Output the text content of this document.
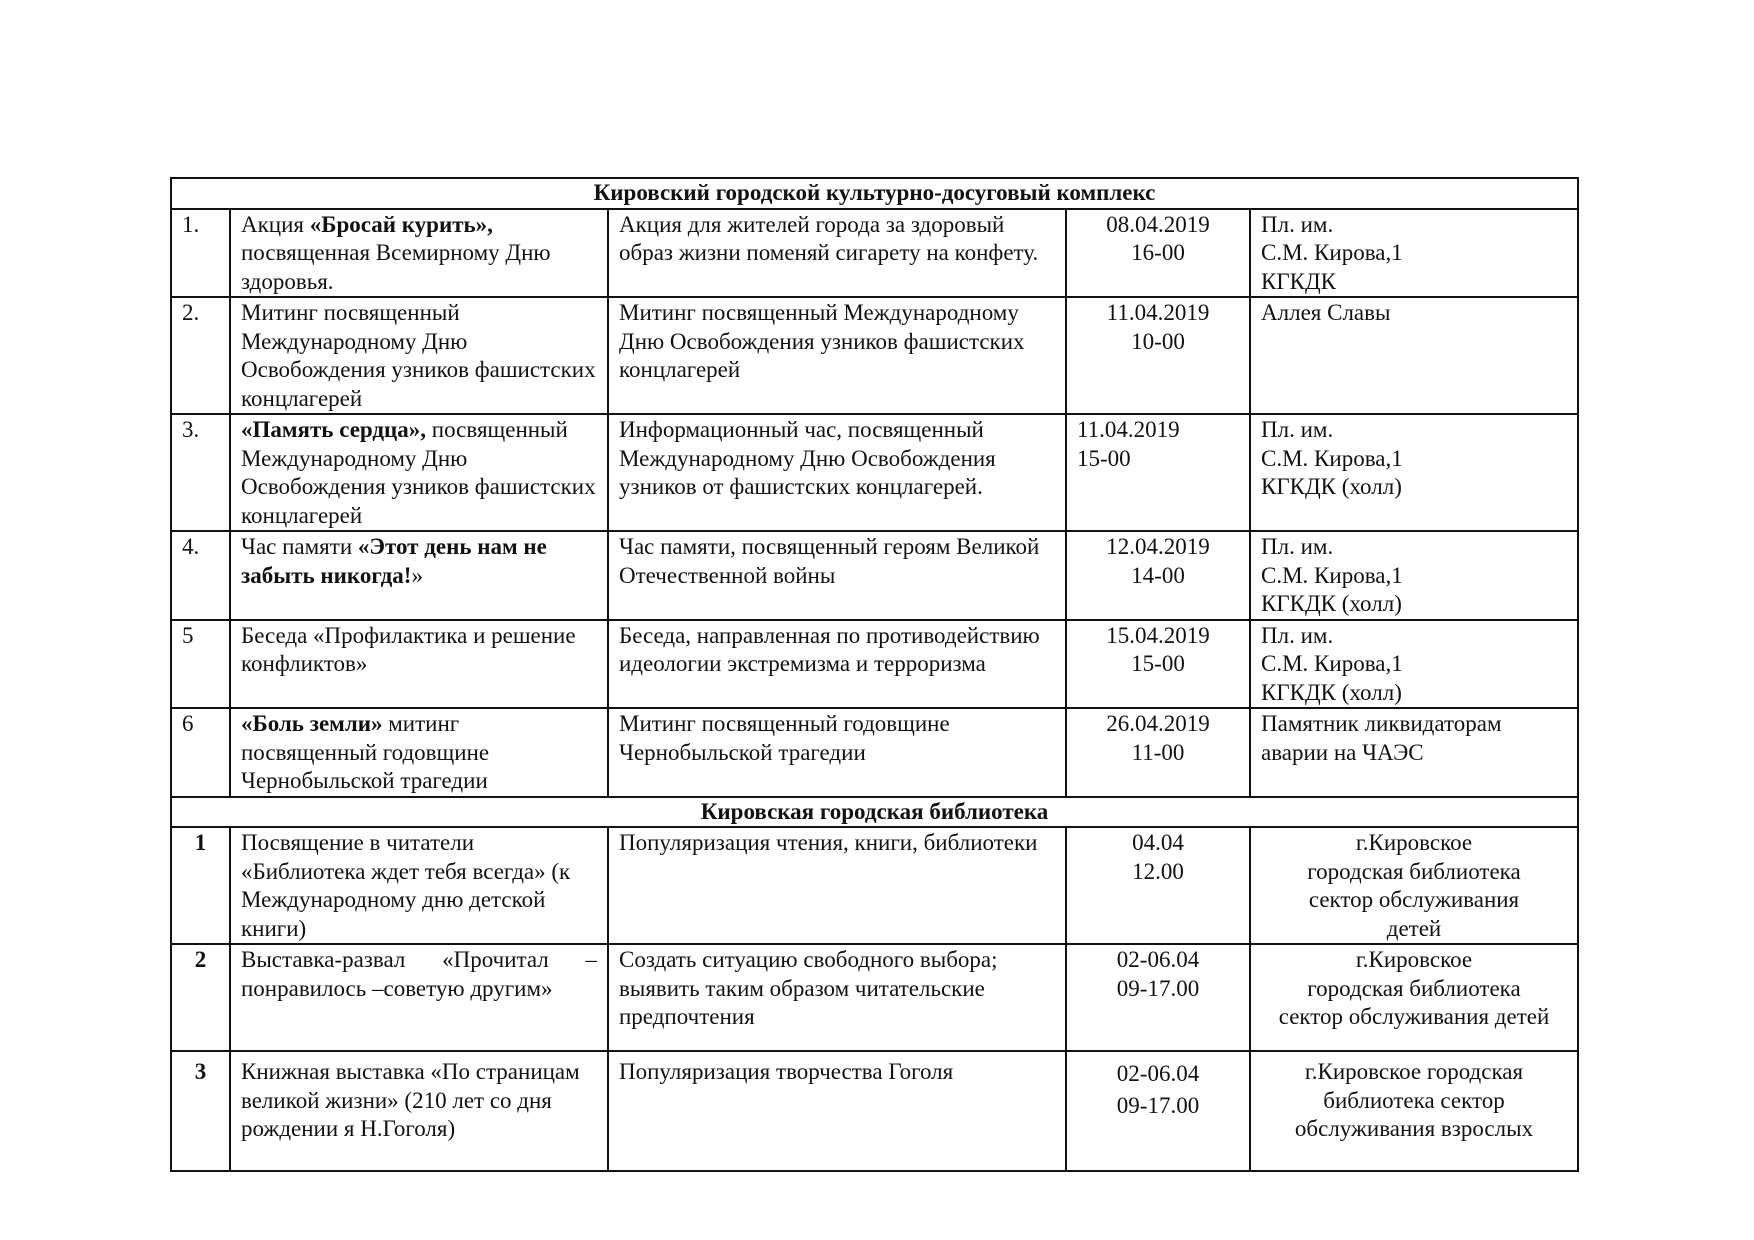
Кировский городской культурно-досуговый комплекс				
1.	Акция «Бросай курить», посвященная Всемирному Дню здоровья.	Акция для жителей города за здоровый образ жизни поменяй сигарету на конфету.	08.04.2019
16-00	Пл. им.
С.М. Кирова,1
КГКДК

2.	Митинг посвященный Международному Дню Освобождения узников фашистских концлагерей	Митинг посвященный Международному Дню Освобождения узников фашистских концлагерей	11.04.2019
10-00	Аллея Славы

3.	«Память сердца», посвященный Международному Дню Освобождения узников фашистских концлагерей	Информационный час, посвященный Международному Дню Освобождения узников от фашистских концлагерей.	11.04.2019
15-00	Пл. им.
С.М. Кирова,1
КГКДК (холл)

4.	Час памяти «Этот день нам не забыть никогда!»	Час памяти, посвященный героям Великой Отечественной войны	12.04.2019
14-00	Пл. им.
С.М. Кирова,1
КГКДК (холл)

5	Беседа «Профилактика и решение конфликтов»	Беседа, направленная по противодействию идеологии экстремизма и терроризма	15.04.2019
15-00	Пл. им.
С.М. Кирова,1
КГКДК (холл)

6	«Боль земли» митинг посвященный годовщине Чернобыльской трагедии	Митинг посвященный годовщине Чернобыльской трагедии	26.04.2019
11-00	Памятник ликвидаторам
аварии на ЧАЭС

Кировская городская библиотека				
1	Посвящение в читатели «Библиотека ждет тебя всегда» (к Международному дню детской книги)	Популяризация чтения, книги, библиотеки	04.04
12.00	г.Кировское
городская библиотека
сектор обслуживания
детей

2	Выставка-развал «Прочитал – понравилось –советую другим»	Создать ситуацию свободного выбора; выявить таким образом читательские предпочтения	02-06.04
09-17.00	г.Кировское
городская библиотека
сектор обслуживания детей

3	Книжная выставка «По страницам великой жизни» (210 лет со дня рождении я Н.Гоголя)	Популяризация творчества Гоголя	02-06.04
09-17.00	г.Кировское городская
библиотека сектор
обслуживания взрослых
